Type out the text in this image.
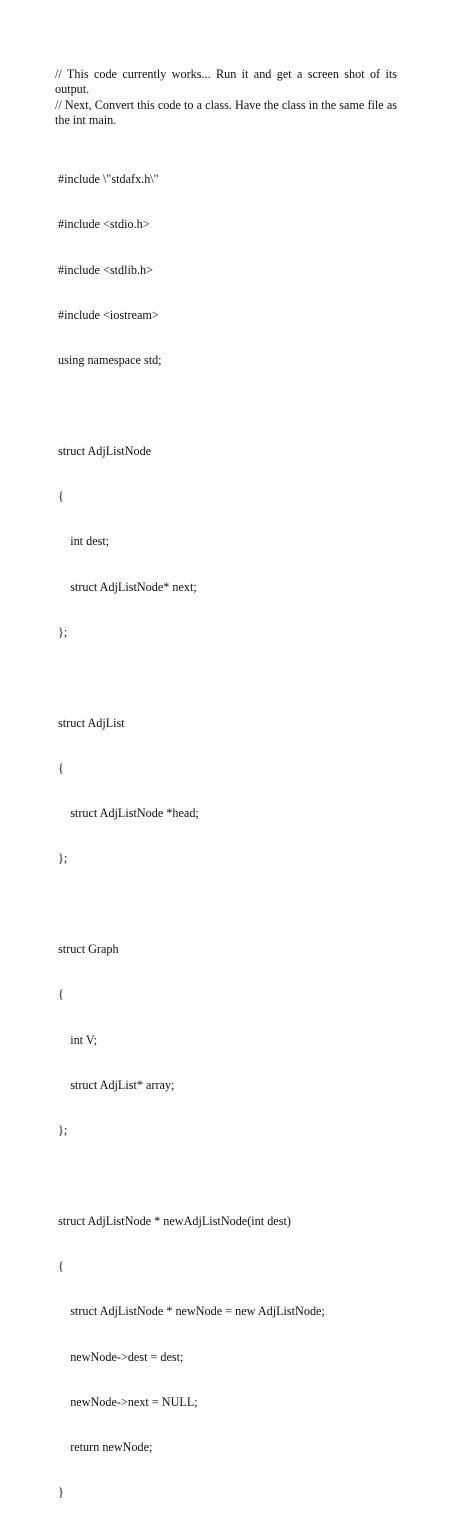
// This code currently works... Run it and get a screen shot of its output.

// Next, Convert this code to a class. Have the class in the same file as the int main.

#include \"stdafx.h\"

#include <stdio.h>

#include <stdlib.h>

#include <iostream>

using namespace std;

struct AdjListNode

{

int dest;

struct AdjListNode* next;

};

struct AdjList

{

struct AdjListNode *head;

};

struct Graph

{

int V;

struct AdjList* array;

};

struct AdjListNode * newAdjListNode(int dest)

{

struct AdjListNode * newNode = new AdjListNode;

newNode->dest = dest;

newNode->next = NULL;

return newNode;

}
